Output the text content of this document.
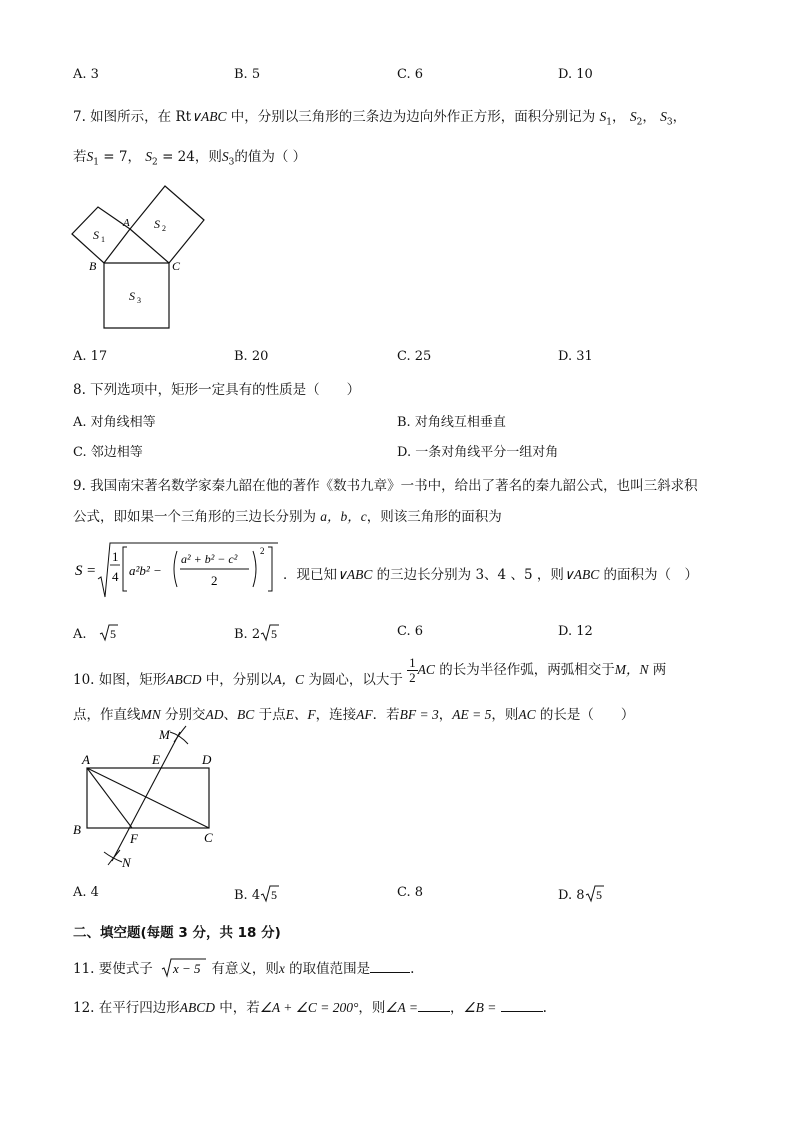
A. 3	B. 5	C. 6	D. 10
7. 如图所示，在 Rt∨ABC 中，分别以三角形的三条边为边向外作正方形，面积分别记为 $S_1$， $S_2$， $S_3$，
若$S_1 = 7$， $S_2 = 24$，则$S_3$的值为（ ）
A
B	C
S 1
S 2
S 3
A. 17	B. 20	C. 25	D. 31
8. 下列选项中，矩形一定具有的性质是（　　）
A. 对角线相等	B. 对角线互相垂直
C. 邻边相等	D. 一条对角线平分一组对角
9. 我国南宋著名数学家秦九韶在他的著作《数书九章》一书中，给出了著名的秦九韶公式，也叫三斜求积
公式，即如果一个三角形的三边长分别为 a，b，c，则该三角形的面积为
S =
1
4 a²b² −
a² + b² − c²
2
2
．现已知∨ABC 的三边长分别为 3、4 、5 ，则∨ABC 的面积为（　）
A. 5	B. 2 5	C. 6	D. 12
10. 如图，矩形ABCD 中，分别以A，C 为圆心，以大于 $\frac{1}{2}$ AC 的长为半径作弧，两弧相交于M，N 两
点，作直线MN 分别交AD、BC 于点E、F，连接AF．若BF = 3，AE = 5，则AC 的长是（　　）
M
A	E	D
B
F	C
N
A. 4	B. 4 5	C. 8	D. 8 5
二、填空题(每题 3 分，共 18 分)
11. 要使式子 x − 5 有意义，则x 的取值范围是	.
12. 在平行四边形ABCD 中，若∠A + ∠C = 200°，则∠A = ，∠B =	.
